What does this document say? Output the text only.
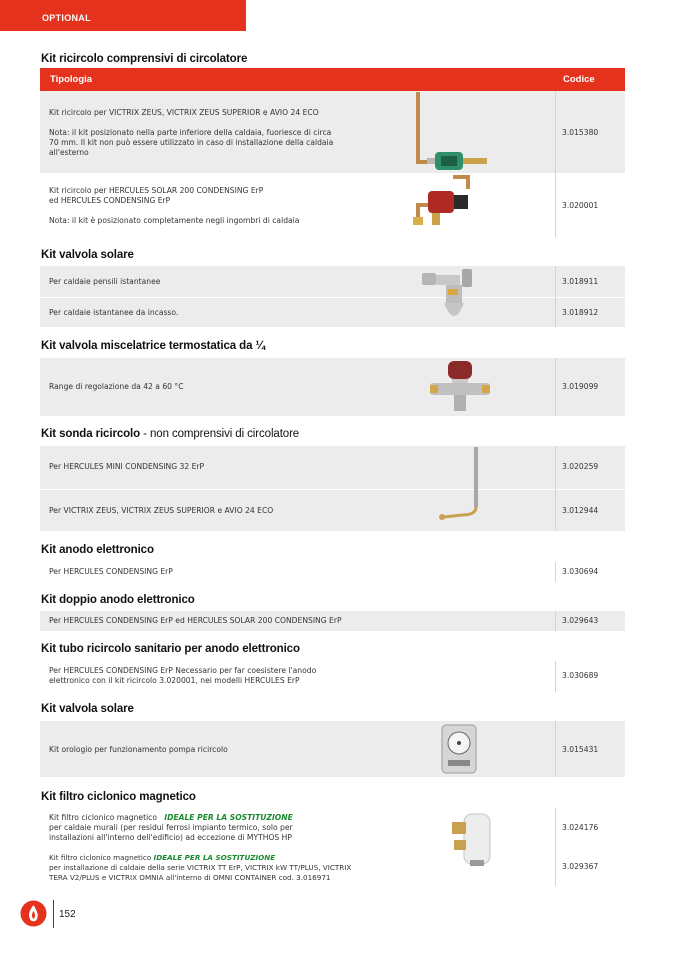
OPTIONAL
Kit ricircolo comprensivi di circolatore
Tipologia	Codice
Kit ricircolo per VICTRIX ZEUS, VICTRIX ZEUS SUPERIOR e AVIO 24 ECO
Nota: il kit posizionato nella parte inferiore della caldaia, fuoriesce di circa
70 mm. Il kit non può essere utilizzato in caso di installazione della caldaia
all'esterno
3.015380
Kit ricircolo per HERCULES SOLAR 200 CONDENSING ErP
ed HERCULES CONDENSING ErP
Nota: il kit è posizionato completamente negli ingombri di caldaia
3.020001
Kit valvola solare
Per caldaie pensili istantanee	3.018911
Per caldaie istantanee da incasso.	3.018912
Kit valvola miscelatrice termostatica da ¼
Range di regolazione da 42 a 60 °C	3.019099
Kit sonda ricircolo - non comprensivi di circolatore
Per HERCULES MINI CONDENSING 32 ErP	3.020259
Per VICTRIX ZEUS, VICTRIX ZEUS SUPERIOR e AVIO 24 ECO	3.012944
Kit anodo elettronico
Per HERCULES CONDENSING ErP	3.030694
Kit doppio anodo elettronico
Per HERCULES CONDENSING ErP ed HERCULES SOLAR 200 CONDENSING ErP	3.029643
Kit tubo ricircolo sanitario per anodo elettronico
Per HERCULES CONDENSING ErP Necessario per far coesistere l'anodo
elettronico con il kit ricircolo 3.020001, nei modelli HERCULES ErP
3.030689
Kit valvola solare
Kit orologio per funzionamento pompa ricircolo	3.015431
Kit filtro ciclonico magnetico
Kit filtro ciclonico magnetico IDEALE PER LA SOSTITUZIONE
per caldaie murali (per residui ferrosi impianto termico, solo per
installazioni all'interno dell'edificio) ad eccezione di MYTHOS HP
3.024176
Kit filtro ciclonico magnetico IDEALE PER LA SOSTITUZIONE
per installazione di caldaie della serie VICTRIX TT ErP, VICTRIX kW TT/PLUS, VICTRIX
TERA V2/PLUS e VICTRIX OMNIA all'interno di OMNI CONTAINER cod. 3.016971
3.029367
152
